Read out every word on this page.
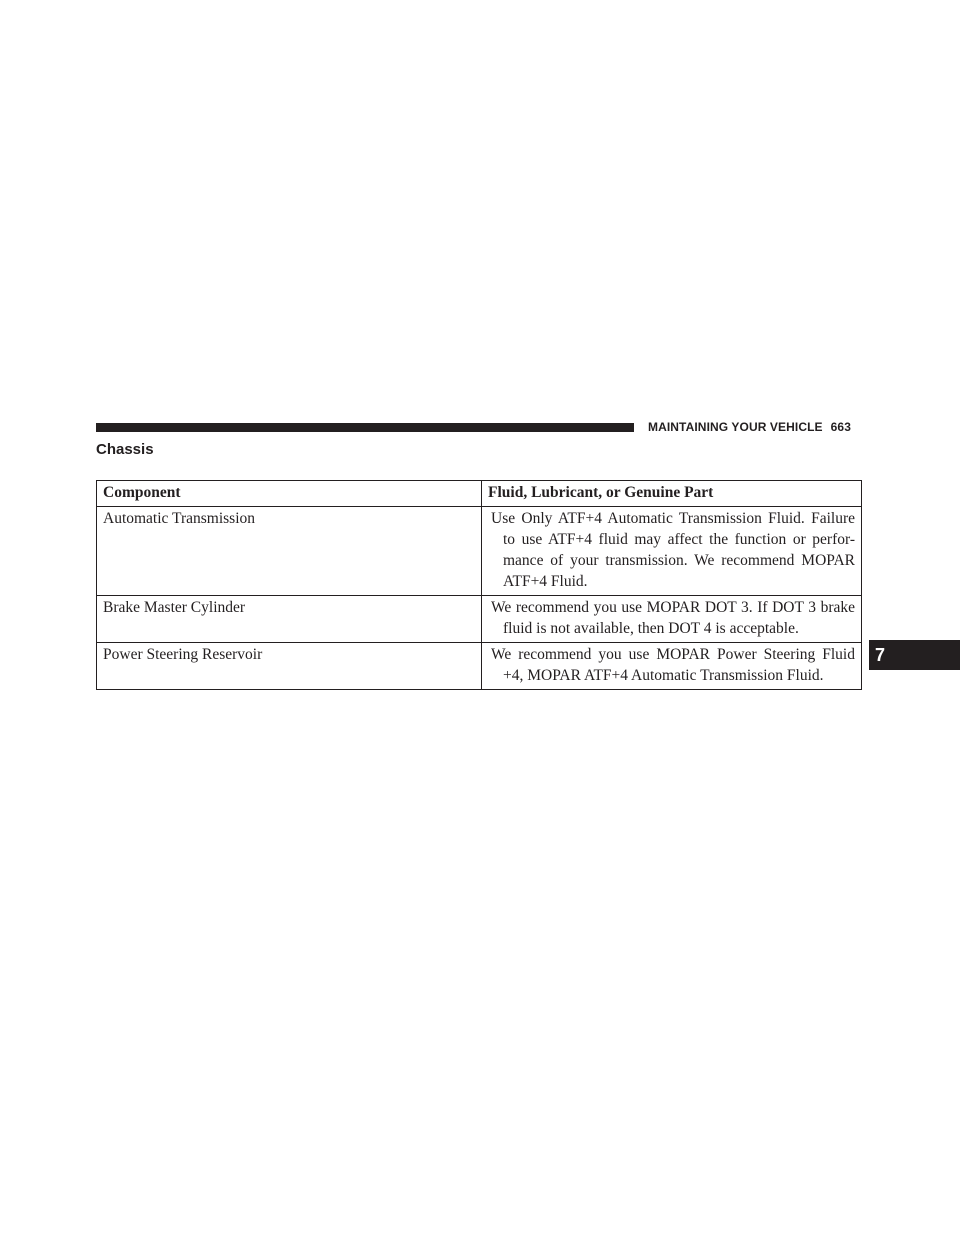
MAINTAINING YOUR VEHICLE 663
Chassis
Component	Fluid, Lubricant, or Genuine Part
Automatic Transmission	Use Only ATF+4 Automatic Transmission Fluid. Failure to use ATF+4 fluid may affect the function or perfor-mance of your transmission. We recommend MOPAR ATF+4 Fluid.
Brake Master Cylinder	We recommend you use MOPAR DOT 3. If DOT 3 brake fluid is not available, then DOT 4 is acceptable.
Power Steering Reservoir	We recommend you use MOPAR Power Steering Fluid +4, MOPAR ATF+4 Automatic Transmission Fluid.
7
